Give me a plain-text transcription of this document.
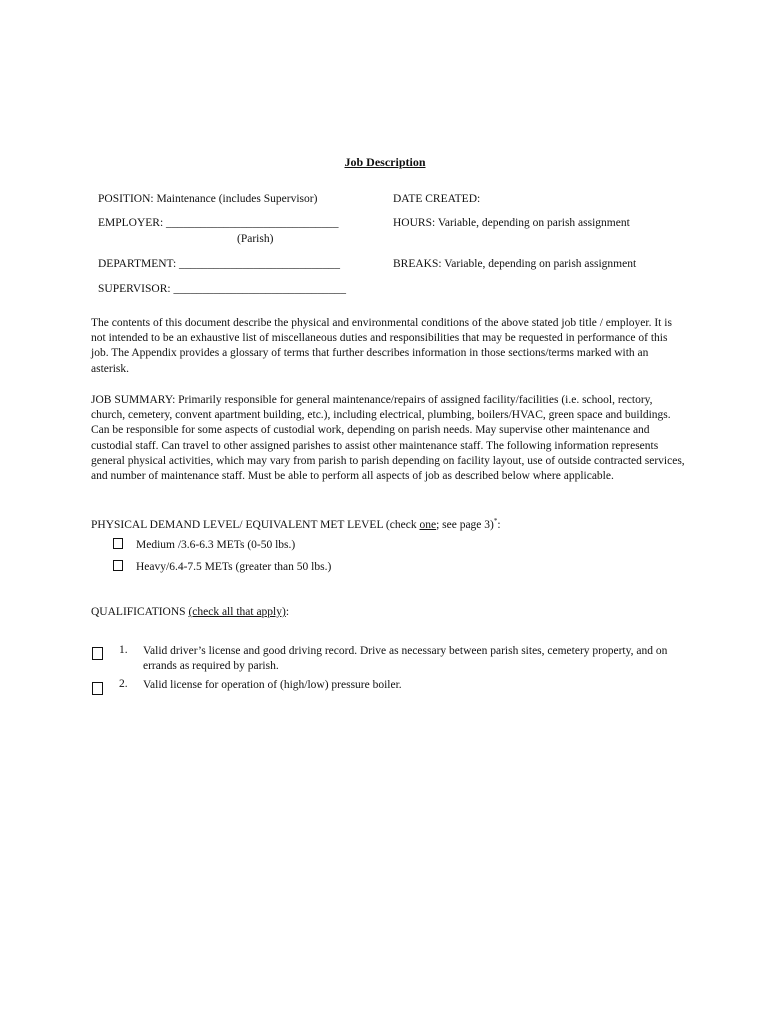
Job Description
POSITION: Maintenance (includes Supervisor)	DATE CREATED:
EMPLOYER: ______________________________
(Parish)
HOURS: Variable, depending on parish assignment
DEPARTMENT: ____________________________	BREAKS: Variable, depending on parish assignment
SUPERVISOR: ______________________________
The contents of this document describe the physical and environmental conditions of the above stated job title / employer. It is not intended to be an exhaustive list of miscellaneous duties and responsibilities that may be requested in performance of this job. The Appendix provides a glossary of terms that further describes information in those sections/terms marked with an asterisk.
JOB SUMMARY: Primarily responsible for general maintenance/repairs of assigned facility/facilities (i.e. school, rectory, church, cemetery, convent apartment building, etc.), including electrical, plumbing, boilers/HVAC, green space and buildings. Can be responsible for some aspects of custodial work, depending on parish needs. May supervise other maintenance and custodial staff. Can travel to other assigned parishes to assist other maintenance staff. The following information represents general physical activities, which may vary from parish to parish depending on facility layout, use of outside contracted services, and number of maintenance staff. Must be able to perform all aspects of job as described below where applicable.
PHYSICAL DEMAND LEVEL/ EQUIVALENT MET LEVEL (check one; see page 3)*:
Medium /3.6-6.3 METs (0-50 lbs.)
Heavy/6.4-7.5 METs (greater than 50 lbs.)
QUALIFICATIONS (check all that apply):
1. Valid driver’s license and good driving record. Drive as necessary between parish sites, cemetery property, and on errands as required by parish.
2. Valid license for operation of (high/low) pressure boiler.
